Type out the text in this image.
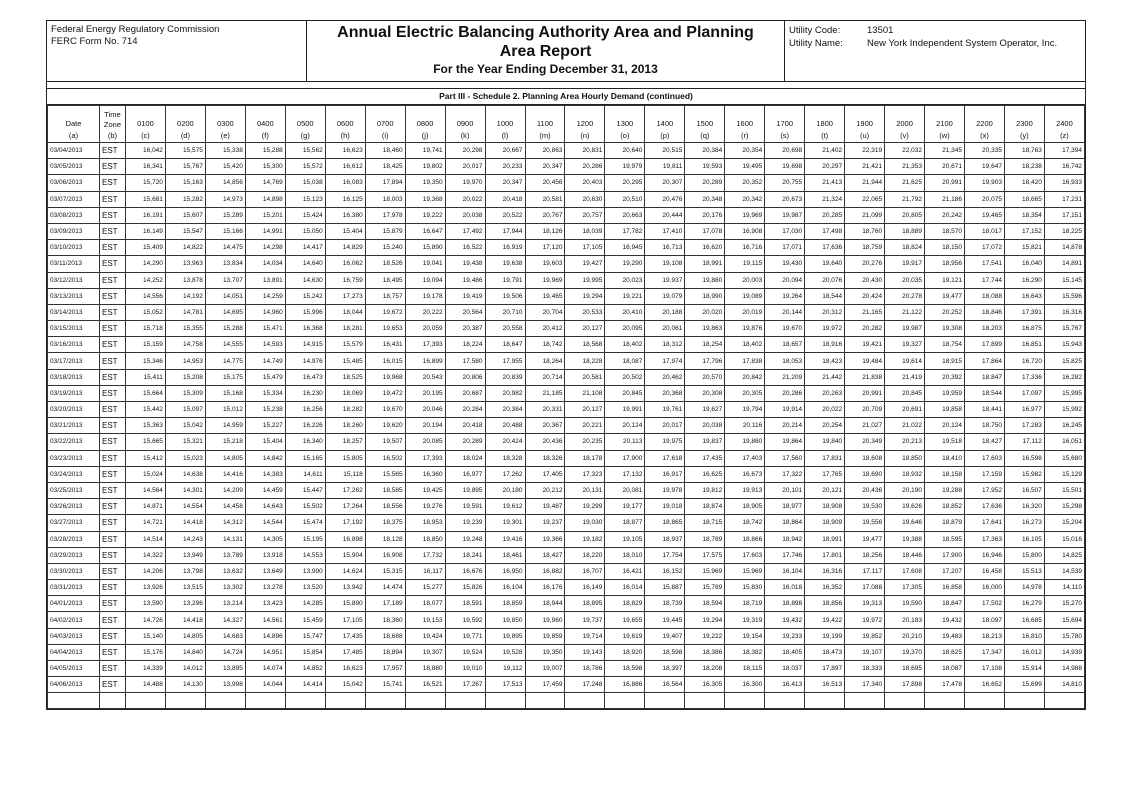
Federal Energy Regulatory Commission
FERC Form No. 714
Annual Electric Balancing Authority Area and Planning
Area Report
For the Year Ending December 31, 2013
Utility Code:	13501
Utility Name:	New York Independent System Operator, Inc.
Part III - Schedule 2. Planning Area Hourly Demand (continued)
Date	Time Zone	0100	0200	0300	0400	0500	0600	0700	0800	0900	1000	1100	1200	1300	1400	1500	1600	1700	1800	1900	2000	2100	2200	2300	2400
(a)	(b)	(c)	(d)	(e)	(f)	(g)	(h)	(i)	(j)	(k)	(l)	(m)	(n)	(o)	(p)	(q)	(r)	(s)	(t)	(u)	(v)	(w)	(x)	(y)	(z)
03/04/2013	EST	16,042	15,575	15,338	15,288	15,562	16,623	18,460	19,741	20,298	20,667	20,863	20,831	20,640	20,515	20,384	20,354	20,698	21,402	22,319	22,032	21,345	20,335	18,763	17,394
03/05/2013	EST	16,341	15,767	15,420	15,300	15,572	16,612	18,425	19,802	20,017	20,233	20,347	20,286	19,979	19,811	19,593	19,495	19,698	20,297	21,421	21,353	20,671	19,647	18,238	16,742
03/06/2013	EST	15,720	15,163	14,856	14,769	15,038	16,083	17,894	19,350	19,970	20,347	20,456	20,403	20,295	20,307	20,289	20,352	20,755	21,413	21,944	21,625	20,991	19,903	18,420	16,933
03/07/2013	EST	15,681	15,282	14,973	14,898	15,123	16,125	18,003	19,368	20,022	20,418	20,581	20,630	20,510	20,476	20,348	20,342	20,673	21,324	22,065	21,792	21,186	20,075	18,665	17,231
03/08/2013	EST	16,191	15,607	15,289	15,201	15,424	16,380	17,978	19,222	20,038	20,522	20,767	20,757	20,663	20,444	20,176	19,969	19,987	20,285	21,099	20,805	20,242	19,465	18,354	17,151
03/09/2013	EST	16,149	15,547	15,166	14,991	15,050	15,404	15,879	16,647	17,492	17,944	18,126	18,039	17,782	17,410	17,078	16,908	17,030	17,498	18,760	18,889	18,570	18,017	17,152	18,225
03/10/2013	EST	15,409	14,822	14,475	14,298	14,417	14,829	15,240	15,890	16,522	16,919	17,120	17,105	16,945	16,713	16,620	16,716	17,071	17,636	18,759	18,824	18,150	17,072	15,821	14,878
03/11/2013	EST	14,290	13,963	13,834	14,034	14,640	16,062	18,526	19,041	19,438	19,638	19,603	19,427	19,290	19,108	18,991	19,115	19,430	19,640	20,276	19,917	18,956	17,541	16,040	14,891
03/12/2013	EST	14,252	13,878	13,707	13,891	14,630	16,759	18,495	19,094	19,486	19,791	19,969	19,995	20,023	19,937	19,880	20,003	20,094	20,076	20,430	20,035	19,121	17,744	16,290	15,145
03/13/2013	EST	14,556	14,192	14,051	14,259	15,242	17,273	18,757	19,178	19,419	19,506	19,465	19,294	19,221	19,079	18,990	19,089	19,264	18,544	20,424	20,278	19,477	18,088	16,643	15,596
03/14/2013	EST	15,052	14,781	14,695	14,960	15,996	18,044	19,672	20,222	20,564	20,710	20,704	20,533	20,410	20,188	20,020	20,019	20,144	20,312	21,165	21,122	20,252	18,846	17,391	16,316
03/15/2013	EST	15,718	15,355	15,288	15,471	16,368	18,281	19,653	20,059	20,387	20,558	20,412	20,127	20,095	20,061	19,863	19,876	19,670	19,972	20,282	19,987	19,308	18,203	16,875	15,767
03/16/2013	EST	15,159	14,758	14,555	14,593	14,915	15,579	16,431	17,393	18,224	18,647	18,742	18,568	18,402	18,312	18,254	18,402	18,657	18,916	19,421	19,327	18,754	17,899	16,851	15,943
03/17/2013	EST	15,346	14,953	14,775	14,749	14,976	15,485	16,015	16,899	17,580	17,955	18,264	18,228	18,087	17,974	17,796	17,838	18,053	18,423	19,484	19,614	18,915	17,864	16,720	15,825
03/18/2013	EST	15,411	15,208	15,175	15,479	16,473	18,525	19,968	20,543	20,806	20,839	20,714	20,581	20,502	20,462	20,570	20,842	21,209	21,442	21,838	21,419	20,392	18,847	17,336	16,282
03/19/2013	EST	15,664	15,309	15,168	15,334	16,230	18,069	19,472	20,195	20,687	20,982	21,185	21,108	20,845	20,368	20,308	20,305	20,286	20,263	20,991	20,845	19,959	18,544	17,097	15,995
03/20/2013	EST	15,442	15,097	15,012	15,238	16,256	18,282	19,670	20,046	20,284	20,384	20,331	20,127	19,991	19,761	19,627	19,794	19,914	20,022	20,709	20,691	19,858	18,441	16,977	15,992
03/21/2013	EST	15,363	15,042	14,959	15,227	16,226	18,260	19,620	20,194	20,418	20,488	20,367	20,221	20,124	20,017	20,038	20,116	20,214	20,254	21,027	21,022	20,124	18,750	17,283	16,245
03/22/2013	EST	15,665	15,321	15,218	15,404	16,340	18,257	19,507	20,085	20,289	20,424	20,436	20,235	20,113	19,975	19,837	19,880	19,864	19,840	20,349	20,213	19,518	18,427	17,112	16,051
03/23/2013	EST	15,412	15,023	14,805	14,842	15,165	15,805	16,502	17,393	18,024	18,328	18,326	18,178	17,900	17,618	17,435	17,403	17,560	17,831	18,608	18,850	18,410	17,603	16,598	15,680
03/24/2013	EST	15,024	14,638	14,416	14,383	14,611	15,118	15,565	16,360	16,977	17,262	17,405	17,323	17,132	16,917	16,625	16,673	17,322	17,765	18,690	18,932	18,158	17,159	15,982	15,129
03/25/2013	EST	14,564	14,301	14,209	14,459	15,447	17,262	18,585	19,425	19,895	20,180	20,212	20,131	20,081	19,978	19,812	19,913	20,101	20,121	20,436	20,190	19,288	17,952	16,507	15,501
03/26/2013	EST	14,871	14,554	14,458	14,643	15,502	17,264	18,556	19,276	19,591	19,612	19,487	19,299	19,177	19,018	18,874	18,905	18,977	18,908	19,530	19,626	18,852	17,636	16,320	15,298
03/27/2013	EST	14,721	14,418	14,312	14,544	15,474	17,192	18,375	18,953	19,239	19,301	19,237	19,030	18,877	18,865	18,715	18,742	18,864	18,909	19,556	19,646	18,879	17,641	16,273	15,204
03/28/2013	EST	14,514	14,243	14,131	14,305	15,195	16,898	18,128	18,850	19,248	19,416	19,366	19,182	19,105	18,937	18,789	18,866	18,942	18,991	19,477	19,388	18,595	17,363	16,105	15,016
03/29/2013	EST	14,322	13,949	13,789	13,918	14,553	15,904	16,908	17,732	18,241	18,461	18,427	18,220	18,010	17,754	17,575	17,603	17,746	17,801	18,256	18,446	17,900	16,946	15,800	14,825
03/30/2013	EST	14,206	13,798	13,632	13,649	13,990	14,624	15,315	16,117	16,676	16,950	16,882	16,707	16,421	16,152	15,969	15,969	16,104	16,316	17,117	17,608	17,207	16,458	15,513	14,539
03/31/2013	EST	13,926	13,515	13,302	13,278	13,520	13,942	14,474	15,277	15,826	16,104	16,176	16,149	16,014	15,887	15,789	15,830	16,018	16,352	17,088	17,305	16,858	16,000	14,978	14,110
04/01/2013	EST	13,590	13,296	13,214	13,423	14,285	15,890	17,189	18,077	18,591	18,859	18,944	18,895	18,829	18,739	18,594	18,719	18,898	18,856	19,313	19,590	18,847	17,502	16,279	15,270
04/02/2013	EST	14,726	14,418	14,327	14,561	15,459	17,105	18,360	19,153	19,592	19,850	19,960	19,737	19,655	19,445	19,294	19,319	19,432	19,422	19,972	20,183	19,432	18,097	16,685	15,694
04/03/2013	EST	15,140	14,805	14,683	14,896	15,747	17,435	18,688	19,424	19,771	19,895	19,859	19,714	19,619	19,407	19,222	19,154	19,233	19,199	19,852	20,210	19,483	18,213	16,810	15,780
04/04/2013	EST	15,176	14,840	14,724	14,951	15,854	17,485	18,894	19,307	19,524	19,528	19,350	19,143	18,920	18,598	18,386	18,382	18,405	18,473	19,107	19,370	18,625	17,347	16,012	14,939
04/05/2013	EST	14,339	14,012	13,895	14,074	14,852	16,623	17,957	18,880	19,010	19,112	19,007	18,786	18,598	18,397	18,208	18,115	18,037	17,897	18,333	18,695	18,087	17,108	15,914	14,988
04/06/2013	EST	14,488	14,130	13,998	14,044	14,414	15,042	15,741	16,521	17,267	17,513	17,459	17,248	16,886	16,564	16,305	16,300	16,413	16,513	17,340	17,898	17,478	16,652	15,699	14,810
